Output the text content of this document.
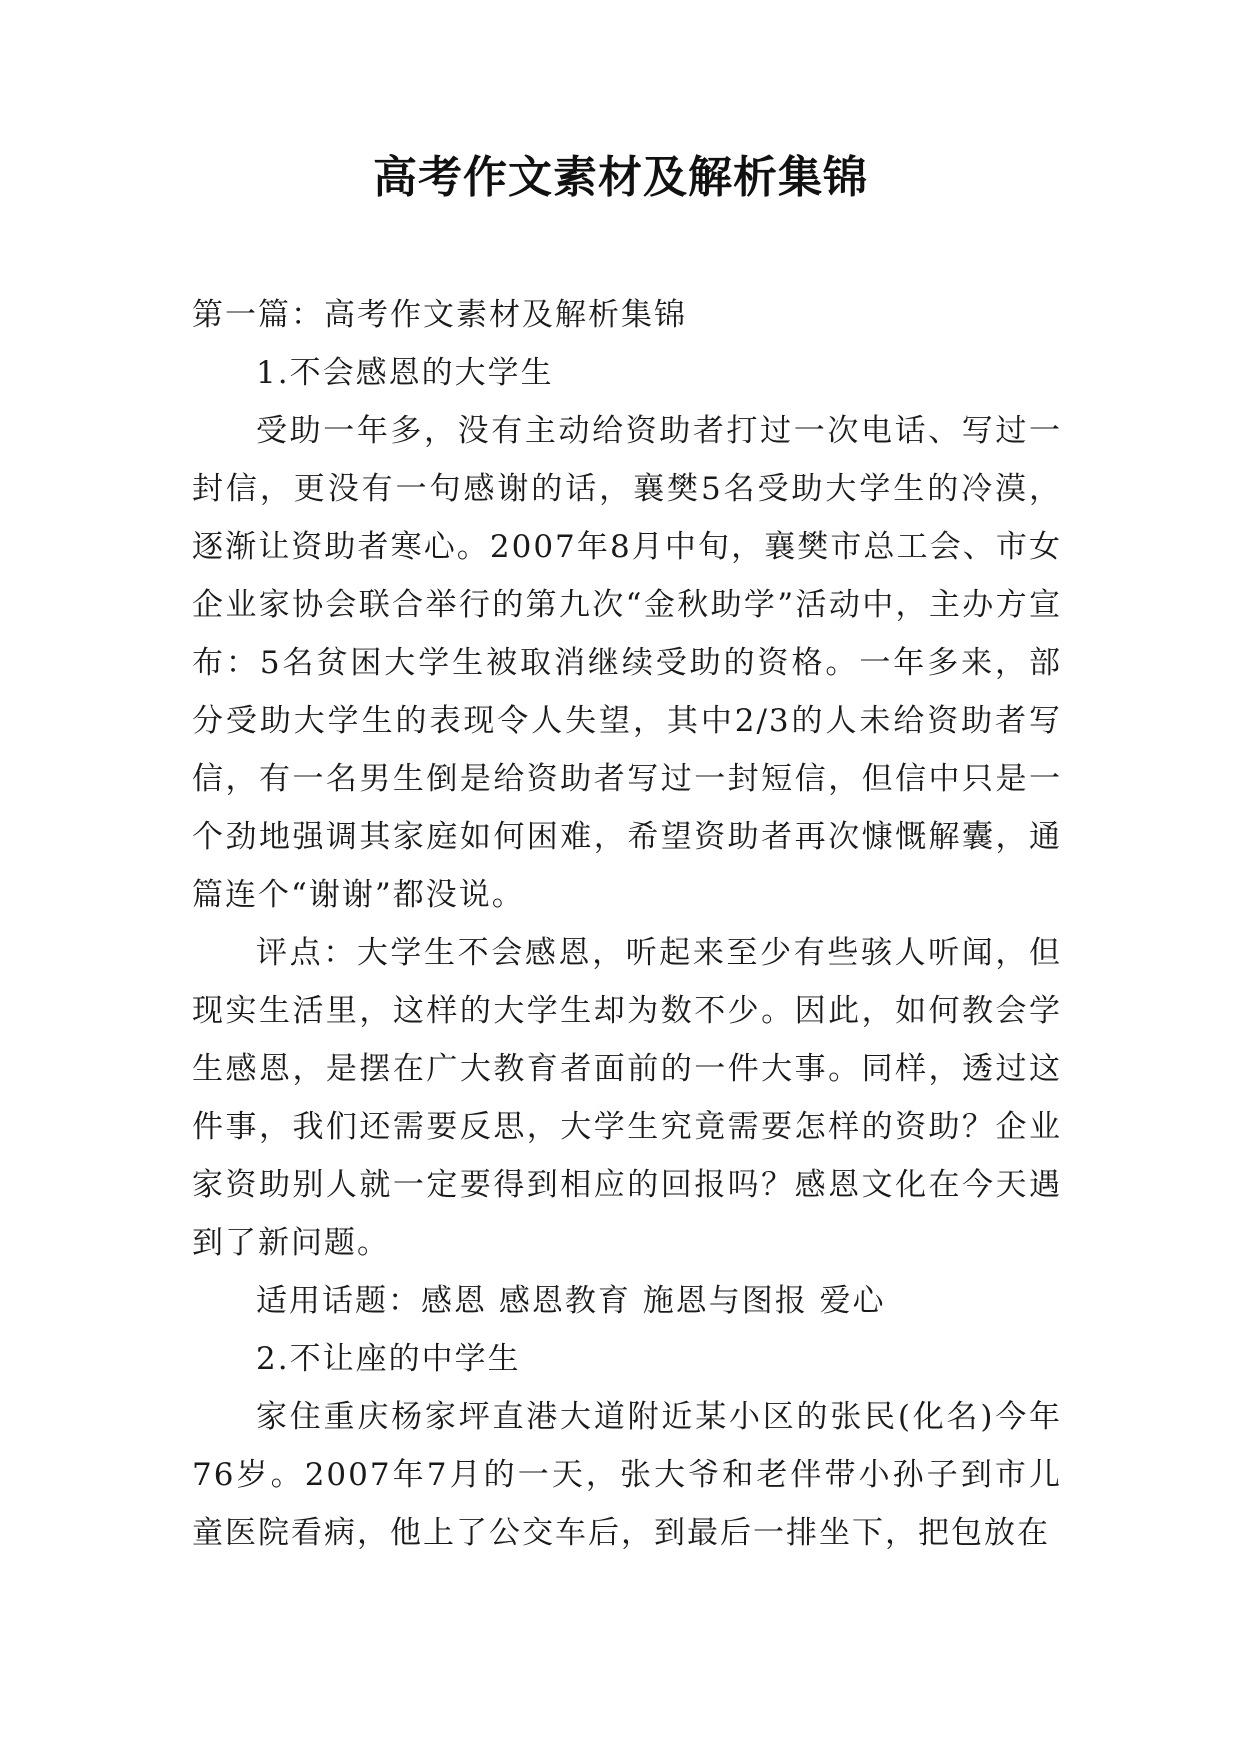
高考作文素材及解析集锦

第一篇：高考作文素材及解析集锦

1.不会感恩的大学生

受助一年多，没有主动给资助者打过一次电话、写过一封信，更没有一句感谢的话，襄樊5名受助大学生的冷漠，逐渐让资助者寒心。2007年8月中旬，襄樊市总工会、市女企业家协会联合举行的第九次“金秋助学”活动中，主办方宣布：5名贫困大学生被取消继续受助的资格。一年多来，部分受助大学生的表现令人失望，其中2/3的人未给资助者写信，有一名男生倒是给资助者写过一封短信，但信中只是一个劲地强调其家庭如何困难，希望资助者再次慷慨解囊，通篇连个“谢谢”都没说。

评点：大学生不会感恩，听起来至少有些骇人听闻，但现实生活里，这样的大学生却为数不少。因此，如何教会学生感恩，是摆在广大教育者面前的一件大事。同样，透过这件事，我们还需要反思，大学生究竟需要怎样的资助？企业家资助别人就一定要得到相应的回报吗？感恩文化在今天遇到了新问题。

适用话题：感恩 感恩教育 施恩与图报 爱心

2.不让座的中学生

家住重庆杨家坪直港大道附近某小区的张民(化名)今年76岁。2007年7月的一天，张大爷和老伴带小孙子到市儿童医院看病，他上了公交车后，到最后一排坐下，把包放在
